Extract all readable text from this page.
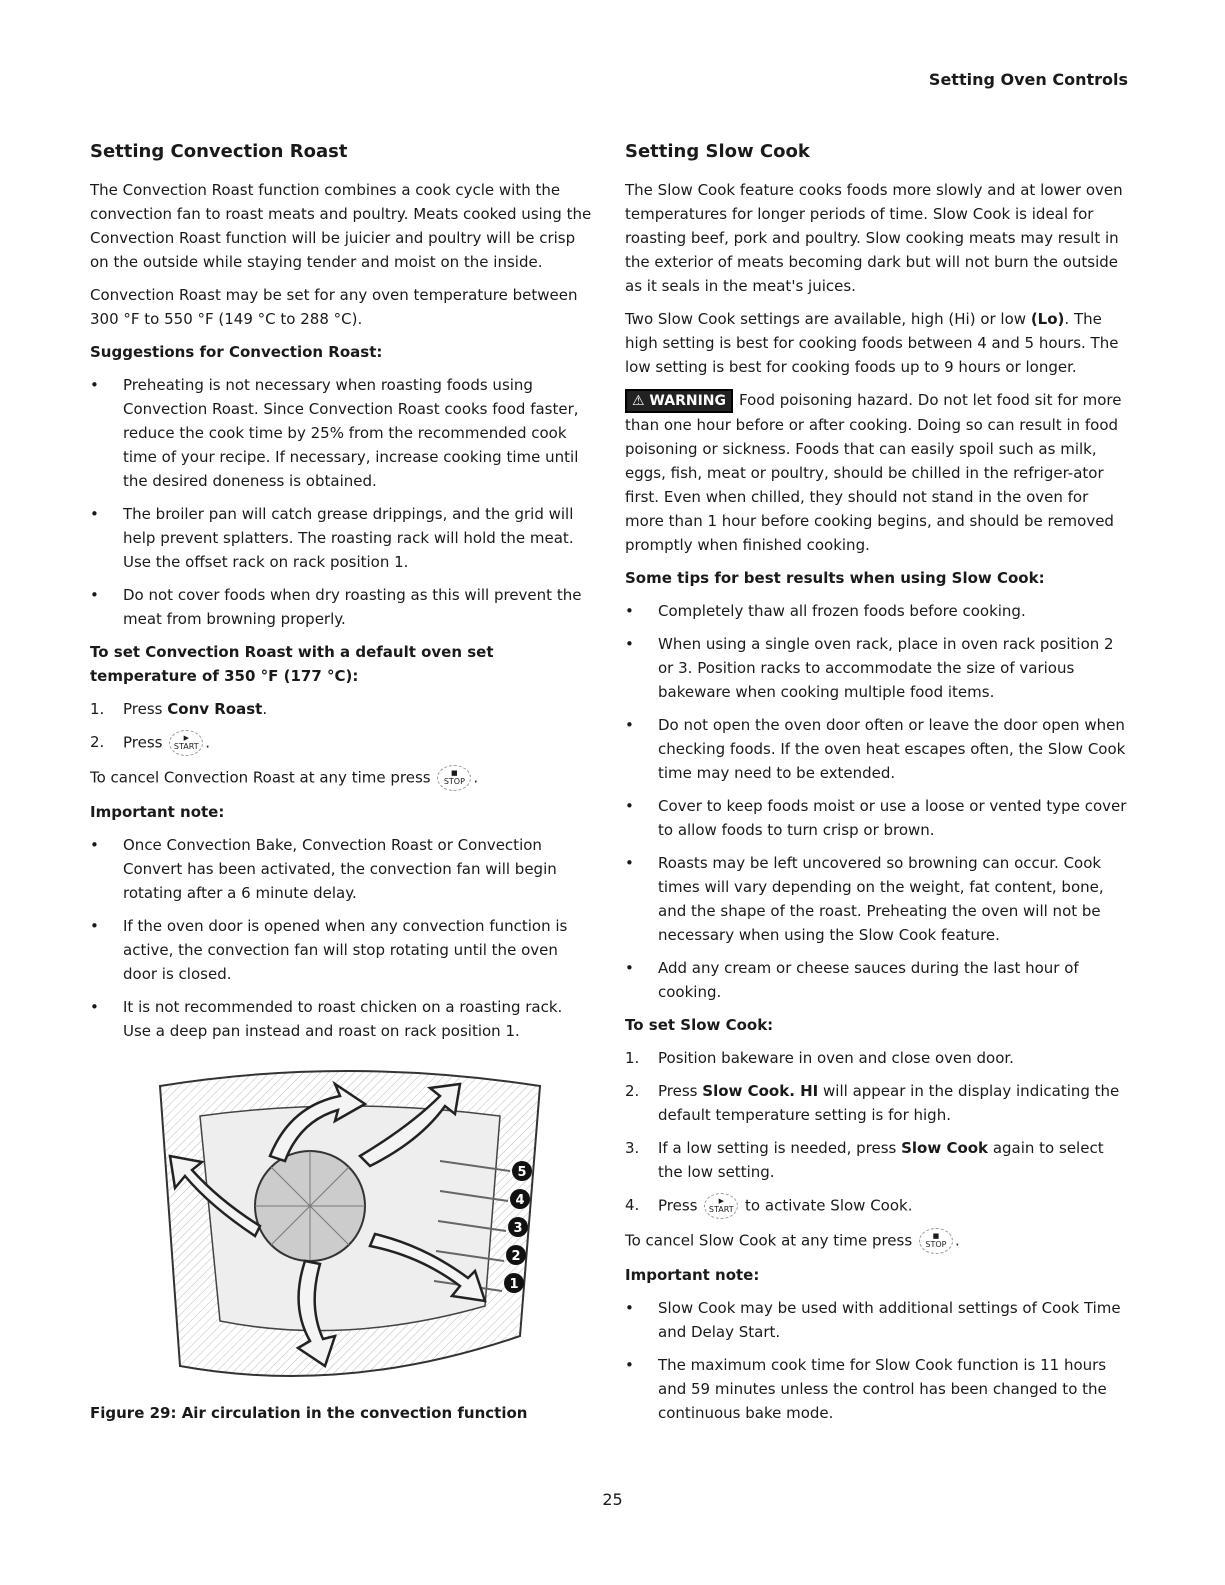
Setting Oven Controls
Setting Convection Roast

The Convection Roast function combines a cook cycle with the convection fan to roast meats and poultry. Meats cooked using the Convection Roast function will be juicier and poultry will be crisp on the outside while staying tender and moist on the inside.

Convection Roast may be set for any oven temperature between 300 °F to 550 °F (149 °C to 288 °C).

Suggestions for Convection Roast:
• Preheating is not necessary when roasting foods using Convection Roast. Since Convection Roast cooks food faster, reduce the cook time by 25% from the recommended cook time of your recipe. If necessary, increase cooking time until the desired doneness is obtained.
• The broiler pan will catch grease drippings, and the grid will help prevent splatters. The roasting rack will hold the meat. Use the offset rack on rack position 1.
• Do not cover foods when dry roasting as this will prevent the meat from browning properly.
To set Convection Roast with a default oven set temperature of 350 °F (177 °C):
1. Press Conv Roast.
2. Press	▶
START .

To cancel Convection Roast at any time press	■
STOP .

Important note:
• Once Convection Bake, Convection Roast or Convection Convert has been activated, the convection fan will begin rotating after a 6 minute delay.
• If the oven door is opened when any convection function is active, the convection fan will stop rotating until the oven door is closed.
• It is not recommended to roast chicken on a roasting rack. Use a deep pan instead and roast on rack position 1.
5
4
3
2
1
Figure 29: Air circulation in the convection function
Setting Slow Cook

The Slow Cook feature cooks foods more slowly and at lower oven temperatures for longer periods of time. Slow Cook is ideal for roasting beef, pork and poultry. Slow cooking meats may result in the exterior of meats becoming dark but will not burn the outside as it seals in the meat's juices.

Two Slow Cook settings are available, high (Hi) or low (Lo). The high setting is best for cooking foods between 4 and 5 hours. The low setting is best for cooking foods up to 9 hours or longer.

⚠ WARNING Food poisoning hazard. Do not let food sit for more than one hour before or after cooking. Doing so can result in food poisoning or sickness. Foods that can easily spoil such as milk, eggs, fish, meat or poultry, should be chilled in the refriger-ator first. Even when chilled, they should not stand in the oven for more than 1 hour before cooking begins, and should be removed promptly when finished cooking.

Some tips for best results when using Slow Cook:
• Completely thaw all frozen foods before cooking.
• When using a single oven rack, place in oven rack position 2 or 3. Position racks to accommodate the size of various bakeware when cooking multiple food items.
• Do not open the oven door often or leave the door open when checking foods. If the oven heat escapes often, the Slow Cook time may need to be extended.
• Cover to keep foods moist or use a loose or vented type cover to allow foods to turn crisp or brown.
• Roasts may be left uncovered so browning can occur. Cook times will vary depending on the weight, fat content, bone, and the shape of the roast. Preheating the oven will not be necessary when using the Slow Cook feature.
• Add any cream or cheese sauces during the last hour of cooking.
To set Slow Cook:
1. Position bakeware in oven and close oven door.
2. Press Slow Cook. HI will appear in the display indicating the default temperature setting is for high.
3. If a low setting is needed, press Slow Cook again to select the low setting.
4. Press	▶
START to activate Slow Cook.

To cancel Slow Cook at any time press	■
STOP .

Important note:
• Slow Cook may be used with additional settings of Cook Time and Delay Start.
• The maximum cook time for Slow Cook function is 11 hours and 59 minutes unless the control has been changed to the continuous bake mode.
25
